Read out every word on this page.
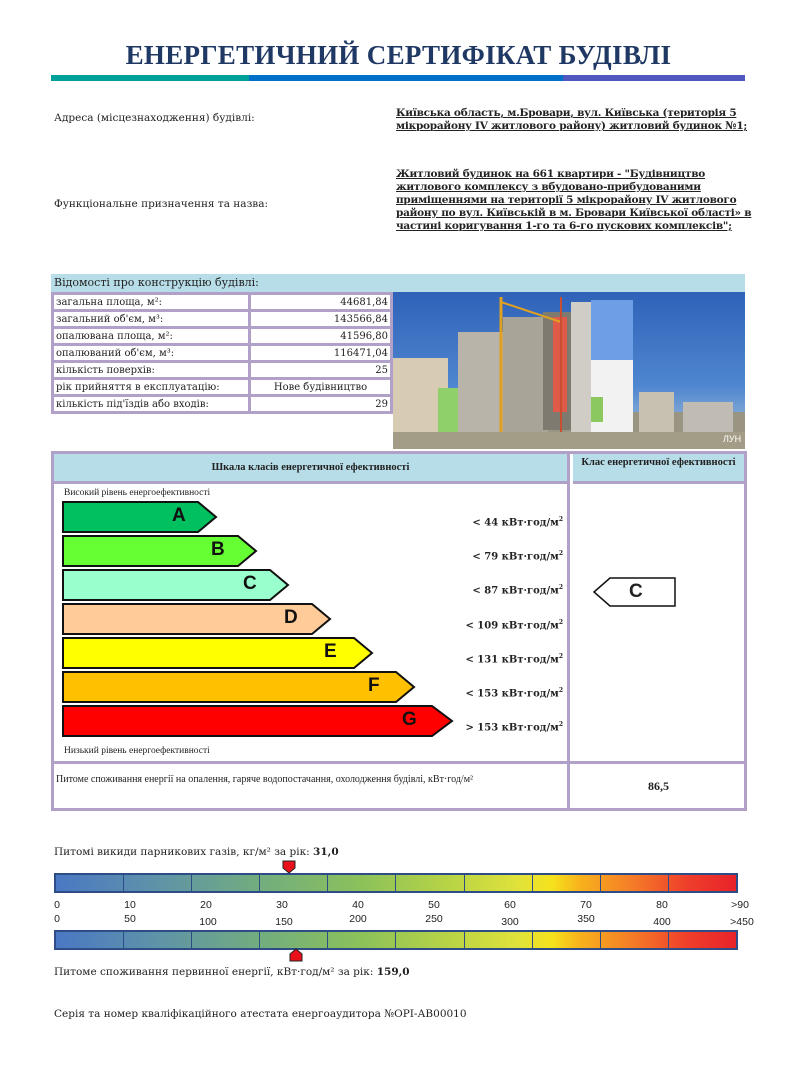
ЕНЕРГЕТИЧНИЙ СЕРТИФІКАТ БУДІВЛІ
Адреса (місцезнаходження) будівлі:	Київська область, м.Бровари, вул. Київська (територія 5 мікрорайону IV житлового району) житловий будинок №1;
Функціональне призначення та назва:
Житловий будинок на 661 квартири - "Будівництво житлового комплексу з вбудовано-прибудованими приміщеннями на території 5 мікрорайону IV житлового району по вул. Київській в м. Бровари Київської області» в частині коригування 1-го та 6-го пускових комплексів";
Відомості про конструкцію будівлі:
загальна площа, м²:	44681,84
загальний об'єм, м³:	143566,84
опалювана площа, м²:	41596,80
опалюваний об'єм, м³:	116471,04
кількість поверхів:	25
рік прийняття в експлуатацію:	Нове будівництво
кількість під'їздів або входів:	29
ЛУН
Шкала класів енергетичної ефективності	Клас енергетичної ефективності
Високий рівень енергоефективності
A
B
C
D
E
F
G
< 44 $кВт\cdot год/м^2$
< 79 $кВт\cdot год/м^2$
< 87 $кВт\cdot год/м^2$
< 109 $кВт\cdot год/м^2$
< 131 $кВт\cdot год/м^2$
< 153 $кВт\cdot год/м^2$
> 153 $кВт\cdot год/м^2$
Низький рівень енергоефективності
C
Питоме споживання енергії на опалення, гаряче водопостачання, охолодження будівлі, кВт·год/м²	86,5
Питомі викиди парникових газів, кг/м² за рік: 31,0
0	10	20	30	40	50	60	70	80	>90
0	50	100	150	200	250	300	350	400	>450
Питоме споживання первинної енергії, кВт·год/м² за рік: 159,0
Серія та номер кваліфікаційного атестата енергоаудитора №ОРІ-АВ00010
